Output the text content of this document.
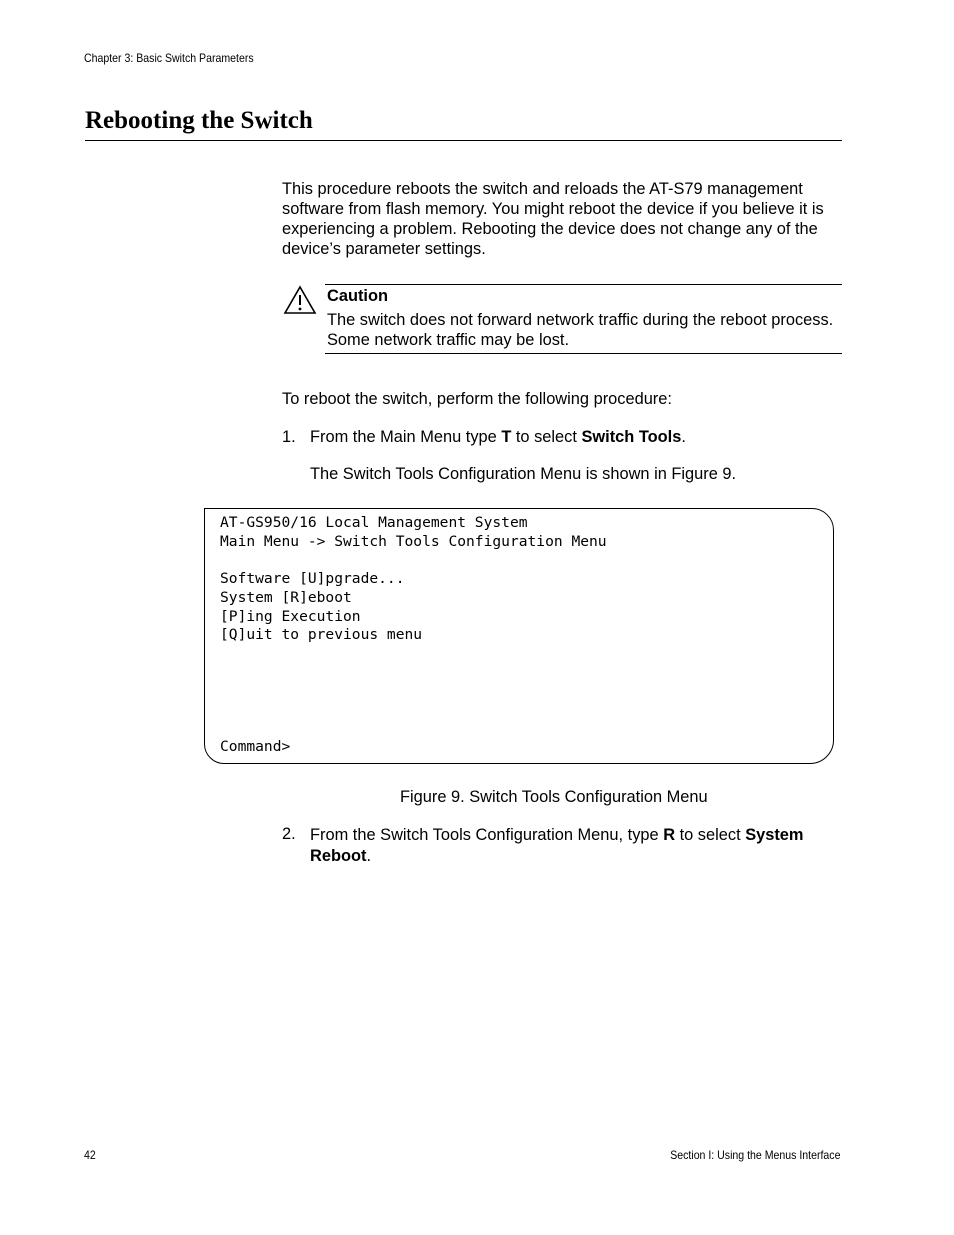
Chapter 3: Basic Switch Parameters
Rebooting the Switch

This procedure reboots the switch and reloads the AT-S79 management software from flash memory. You might reboot the device if you believe it is experiencing a problem. Rebooting the device does not change any of the device’s parameter settings.

Caution

The switch does not forward network traffic during the reboot process. Some network traffic may be lost.

To reboot the switch, perform the following procedure:
1. From the Main Menu type T to select Switch Tools.
The Switch Tools Configuration Menu is shown in Figure 9.
AT-GS950/16 Local Management System
Main Menu -> Switch Tools Configuration Menu

Software [U]pgrade...
System [R]eboot
[P]ing Execution
[Q]uit to previous menu
Command>
Figure 9. Switch Tools Configuration Menu
2. From the Switch Tools Configuration Menu, type R to select System Reboot.

42	Section I: Using the Menus Interface
